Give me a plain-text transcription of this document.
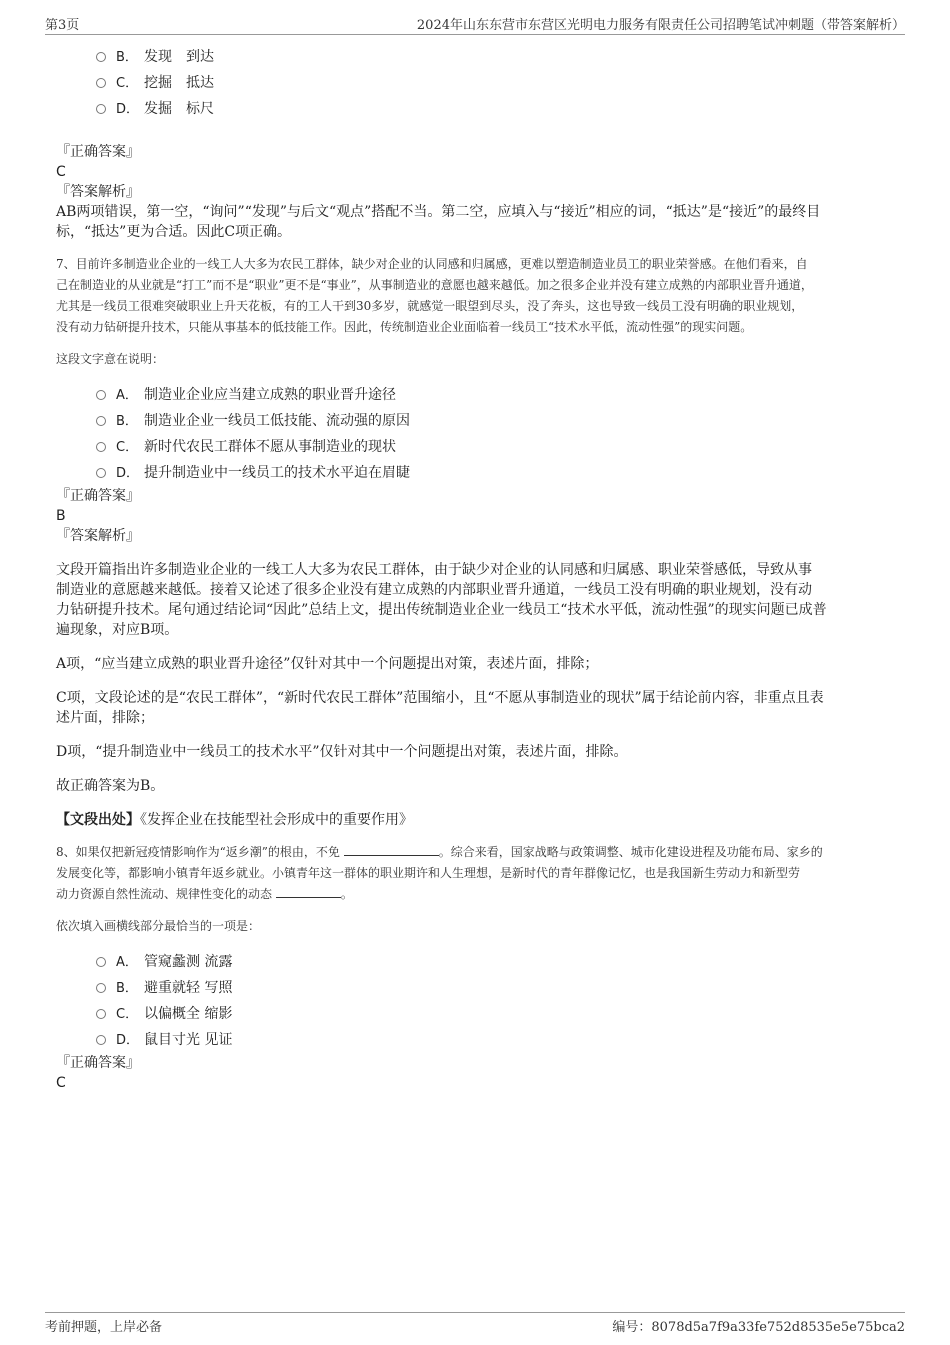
第3页	2024年山东东营市东营区光明电力服务有限责任公司招聘笔试冲刺题（带答案解析）
B． 发现　到达
C． 挖掘　抵达
D． 发掘　标尺

『正确答案』

C

『答案解析』

AB两项错误，第一空，“询问”“发现”与后文“观点”搭配不当。第二空，应填入与“接近”相应的词，“抵达”是“接近”的最终目
标，“抵达”更为合适。因此C项正确。

7、目前许多制造业企业的一线工人大多为农民工群体，缺少对企业的认同感和归属感，更难以塑造制造业员工的职业荣誉感。在他们看来，自
己在制造业的从业就是“打工”而不是“职业”更不是“事业”，从事制造业的意愿也越来越低。加之很多企业并没有建立成熟的内部职业晋升通道，
尤其是一线员工很难突破职业上升天花板，有的工人干到30多岁，就感觉一眼望到尽头，没了奔头，这也导致一线员工没有明确的职业规划，
没有动力钻研提升技术，只能从事基本的低技能工作。因此，传统制造业企业面临着一线员工“技术水平低，流动性强”的现实问题。

这段文字意在说明：

A． 制造业企业应当建立成熟的职业晋升途径
B． 制造业企业一线员工低技能、流动强的原因
C． 新时代农民工群体不愿从事制造业的现状
D． 提升制造业中一线员工的技术水平迫在眉睫

『正确答案』

B

『答案解析』

文段开篇指出许多制造业企业的一线工人大多为农民工群体，由于缺少对企业的认同感和归属感、职业荣誉感低，导致从事
制造业的意愿越来越低。接着又论述了很多企业没有建立成熟的内部职业晋升通道，一线员工没有明确的职业规划，没有动
力钻研提升技术。尾句通过结论词“因此”总结上文，提出传统制造业企业一线员工“技术水平低，流动性强”的现实问题已成普
遍现象，对应B项。

A项，“应当建立成熟的职业晋升途径”仅针对其中一个问题提出对策，表述片面，排除；

C项，文段论述的是“农民工群体”，“新时代农民工群体”范围缩小，且“不愿从事制造业的现状”属于结论前内容，非重点且表
述片面，排除；

D项，“提升制造业中一线员工的技术水平”仅针对其中一个问题提出对策，表述片面，排除。

故正确答案为B。

【文段出处】《发挥企业在技能型社会形成中的重要作用》

8、如果仅把新冠疫情影响作为“返乡潮”的根由，不免	。综合来看，国家战略与政策调整、城市化建设进程及功能布局、家乡的
发展变化等，都影响小镇青年返乡就业。小镇青年这一群体的职业期许和人生理想，是新时代的青年群像记忆，也是我国新生劳动力和新型劳
动力资源自然性流动、规律性变化的动态	。

依次填入画横线部分最恰当的一项是：

A． 管窥蠡测 流露
B． 避重就轻 写照
C． 以偏概全 缩影
D． 鼠目寸光 见证

『正确答案』

C
考前押题，上岸必备	编号：8078d5a7f9a33fe752d8535e5e75bca2
